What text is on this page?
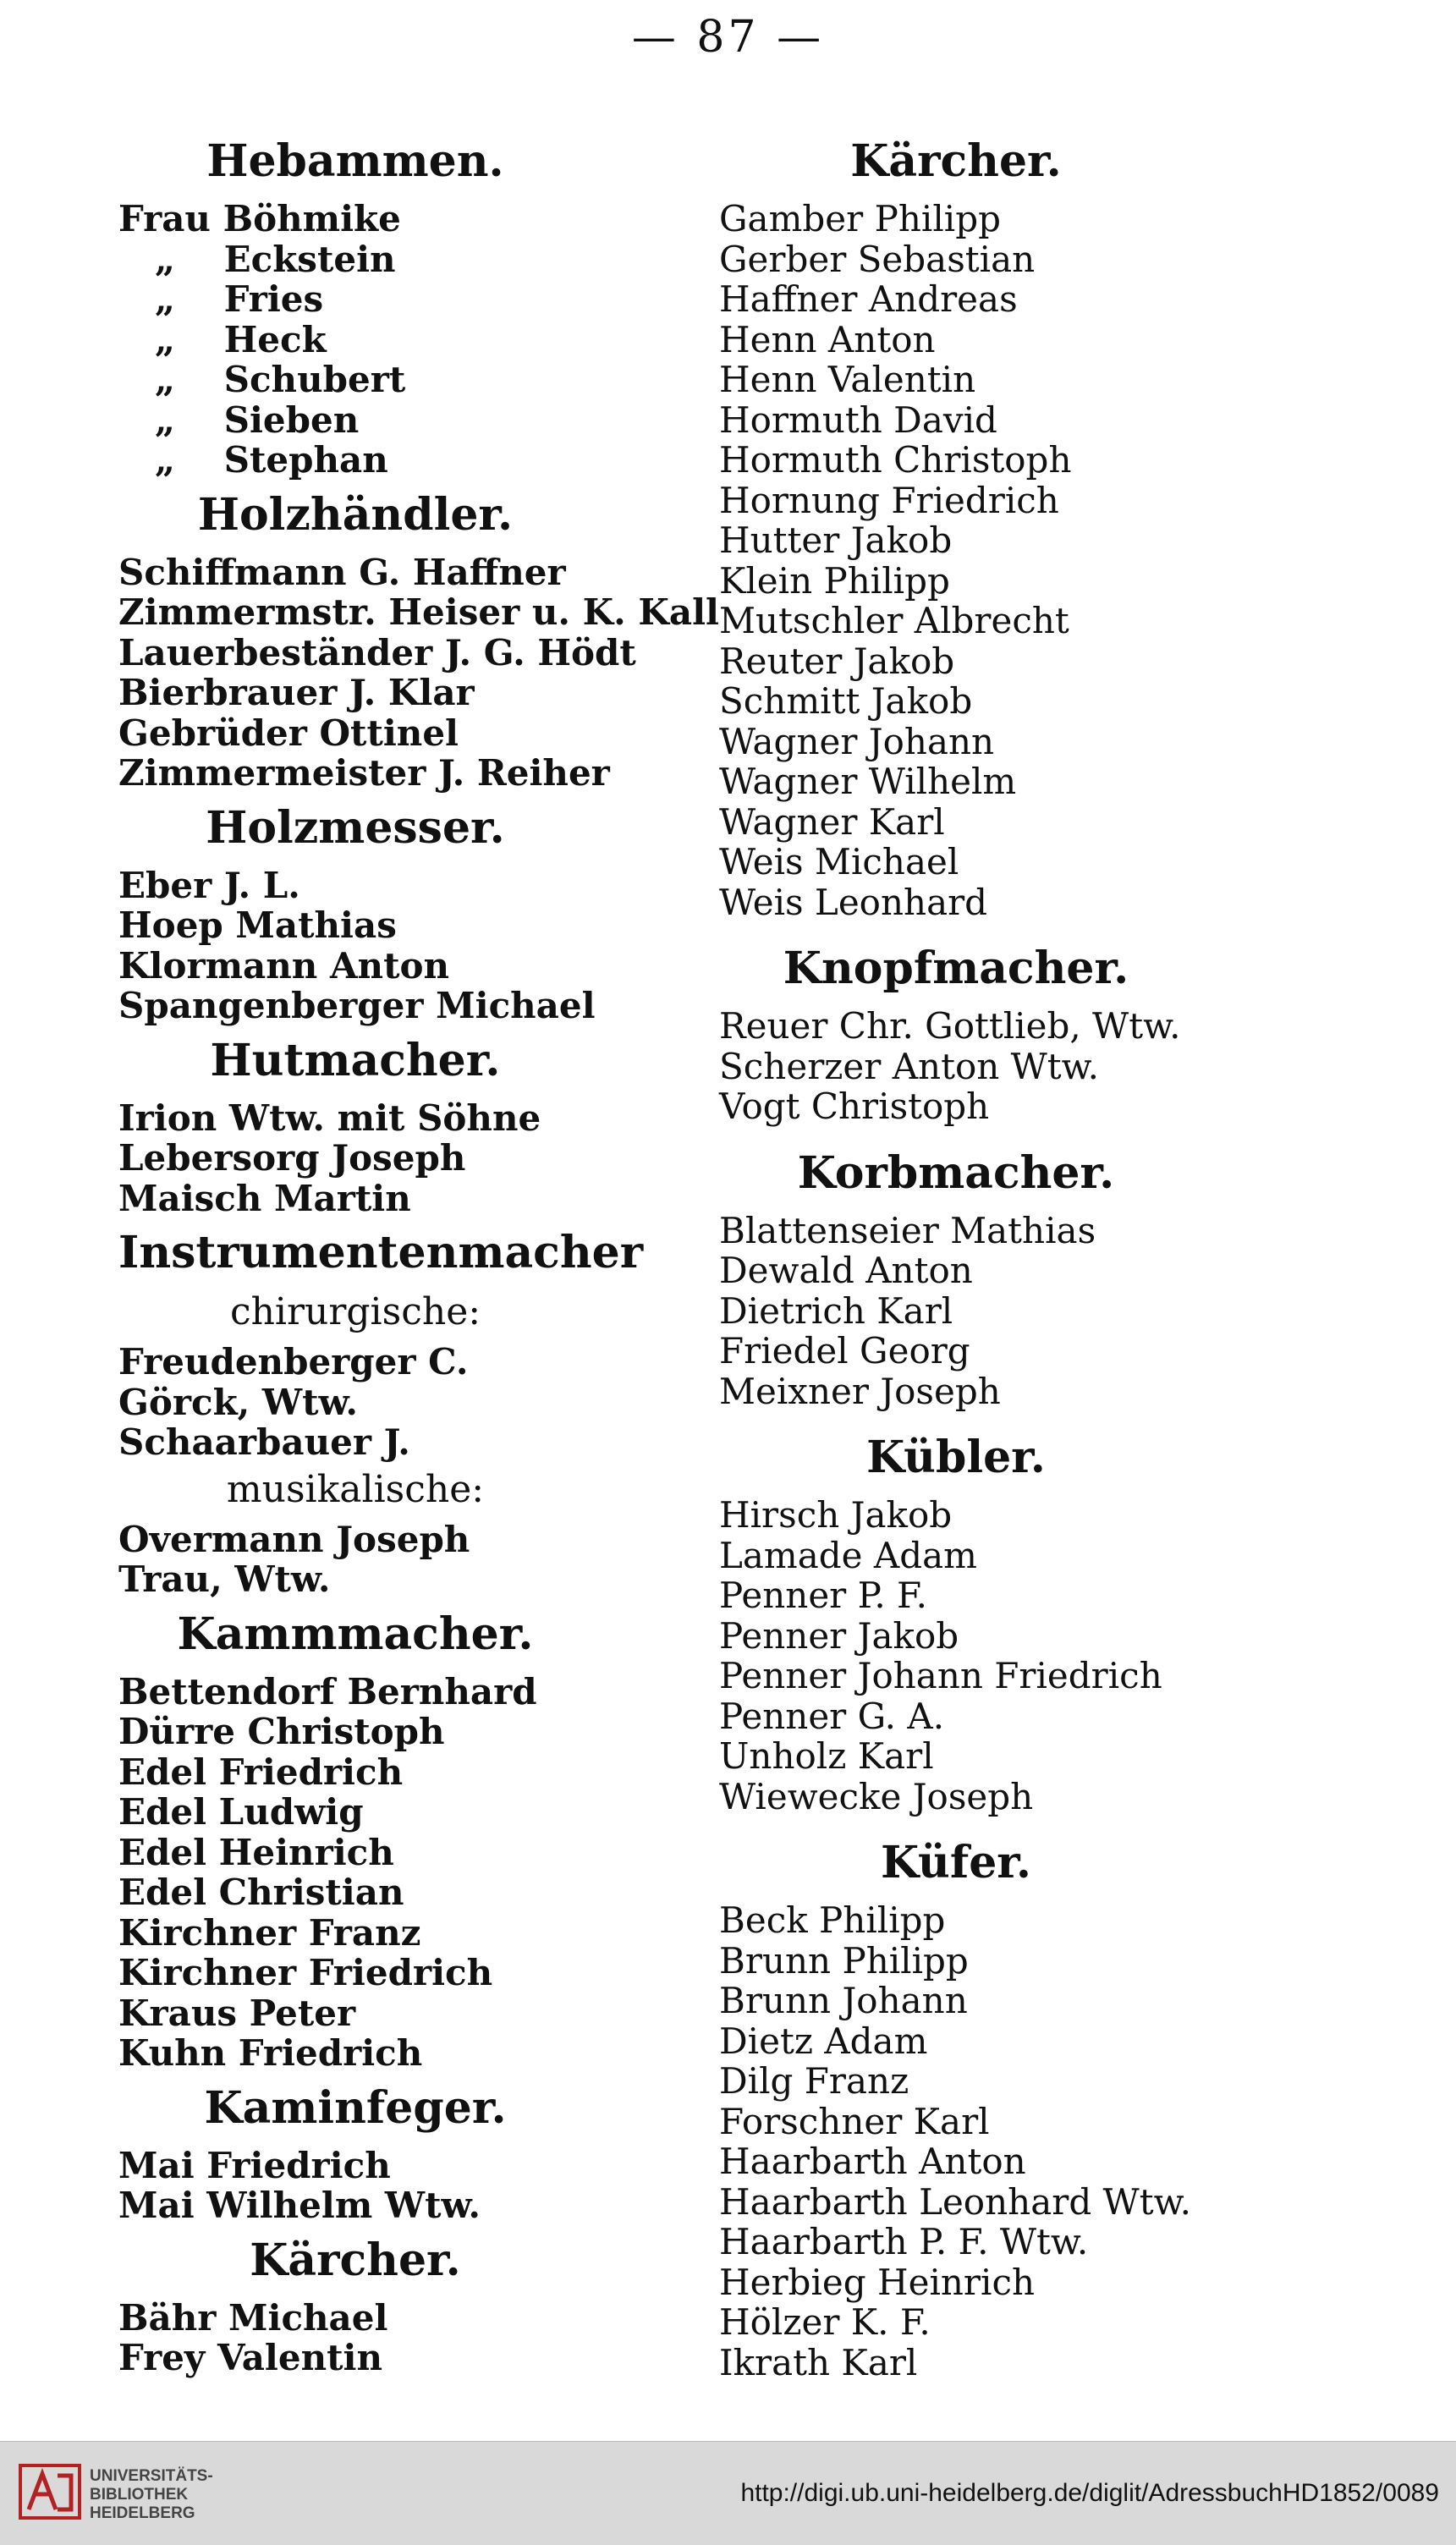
— 87 —
Hebammen.
Frau Böhmike
„ Eckstein
„ Fries
„ Heck
„ Schubert
„ Sieben
„ Stephan
Holzhändler.
Schiffmann G. Haffner
Zimmermstr. Heiser u. K. Kall
Lauerbeständer J. G. Hödt
Bierbrauer J. Klar
Gebrüder Ottinel
Zimmermeister J. Reiher
Holzmesser.
Eber J. L.
Hoep Mathias
Klormann Anton
Spangenberger Michael
Hutmacher.
Irion Wtw. mit Söhne
Lebersorg Joseph
Maisch Martin
Instrumentenmacher
chirurgische:
Freudenberger C.
Görck, Wtw.
Schaarbauer J.
musikalische:
Overmann Joseph
Trau, Wtw.
Kammmacher.
Bettendorf Bernhard
Dürre Christoph
Edel Friedrich
Edel Ludwig
Edel Heinrich
Edel Christian
Kirchner Franz
Kirchner Friedrich
Kraus Peter
Kuhn Friedrich
Kaminfeger.
Mai Friedrich
Mai Wilhelm Wtw.
Kärcher.
Bähr Michael
Frey Valentin
Kärcher.
Gamber Philipp
Gerber Sebastian
Haffner Andreas
Henn Anton
Henn Valentin
Hormuth David
Hormuth Christoph
Hornung Friedrich
Hutter Jakob
Klein Philipp
Mutschler Albrecht
Reuter Jakob
Schmitt Jakob
Wagner Johann
Wagner Wilhelm
Wagner Karl
Weis Michael
Weis Leonhard
Knopfmacher.
Reuer Chr. Gottlieb, Wtw.
Scherzer Anton Wtw.
Vogt Christoph
Korbmacher.
Blattenseier Mathias
Dewald Anton
Dietrich Karl
Friedel Georg
Meixner Joseph
Kübler.
Hirsch Jakob
Lamade Adam
Penner P. F.
Penner Jakob
Penner Johann Friedrich
Penner G. A.
Unholz Karl
Wiewecke Joseph
Küfer.
Beck Philipp
Brunn Philipp
Brunn Johann
Dietz Adam
Dilg Franz
Forschner Karl
Haarbarth Anton
Haarbarth Leonhard Wtw.
Haarbarth P. F. Wtw.
Herbieg Heinrich
Hölzer K. F.
Ikrath Karl
UNIVERSITÄTS-
BIBLIOTHEK
HEIDELBERG
http://digi.ub.uni-heidelberg.de/diglit/AdressbuchHD1852/0089
